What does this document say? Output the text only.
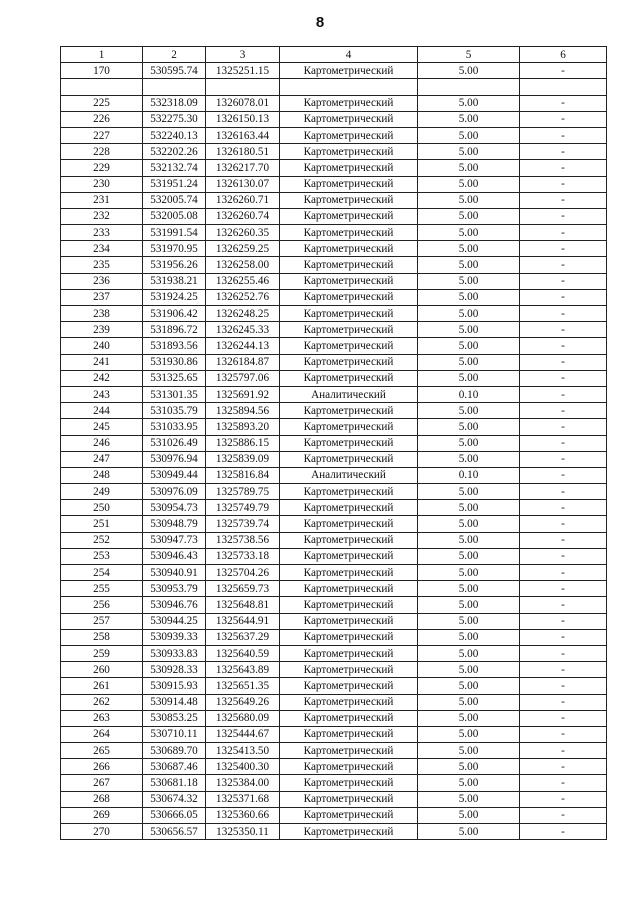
8
1	2	3	4	5	6
170	530595.74	1325251.15	Картометрический	5.00	-

225	532318.09	1326078.01	Картометрический	5.00	-
226	532275.30	1326150.13	Картометрический	5.00	-
227	532240.13	1326163.44	Картометрический	5.00	-
228	532202.26	1326180.51	Картометрический	5.00	-
229	532132.74	1326217.70	Картометрический	5.00	-
230	531951.24	1326130.07	Картометрический	5.00	-
231	532005.74	1326260.71	Картометрический	5.00	-
232	532005.08	1326260.74	Картометрический	5.00	-
233	531991.54	1326260.35	Картометрический	5.00	-
234	531970.95	1326259.25	Картометрический	5.00	-
235	531956.26	1326258.00	Картометрический	5.00	-
236	531938.21	1326255.46	Картометрический	5.00	-
237	531924.25	1326252.76	Картометрический	5.00	-
238	531906.42	1326248.25	Картометрический	5.00	-
239	531896.72	1326245.33	Картометрический	5.00	-
240	531893.56	1326244.13	Картометрический	5.00	-
241	531930.86	1326184.87	Картометрический	5.00	-
242	531325.65	1325797.06	Картометрический	5.00	-
243	531301.35	1325691.92	Аналитический	0.10	-
244	531035.79	1325894.56	Картометрический	5.00	-
245	531033.95	1325893.20	Картометрический	5.00	-
246	531026.49	1325886.15	Картометрический	5.00	-
247	530976.94	1325839.09	Картометрический	5.00	-
248	530949.44	1325816.84	Аналитический	0.10	-
249	530976.09	1325789.75	Картометрический	5.00	-
250	530954.73	1325749.79	Картометрический	5.00	-
251	530948.79	1325739.74	Картометрический	5.00	-
252	530947.73	1325738.56	Картометрический	5.00	-
253	530946.43	1325733.18	Картометрический	5.00	-
254	530940.91	1325704.26	Картометрический	5.00	-
255	530953.79	1325659.73	Картометрический	5.00	-
256	530946.76	1325648.81	Картометрический	5.00	-
257	530944.25	1325644.91	Картометрический	5.00	-
258	530939.33	1325637.29	Картометрический	5.00	-
259	530933.83	1325640.59	Картометрический	5.00	-
260	530928.33	1325643.89	Картометрический	5.00	-
261	530915.93	1325651.35	Картометрический	5.00	-
262	530914.48	1325649.26	Картометрический	5.00	-
263	530853.25	1325680.09	Картометрический	5.00	-
264	530710.11	1325444.67	Картометрический	5.00	-
265	530689.70	1325413.50	Картометрический	5.00	-
266	530687.46	1325400.30	Картометрический	5.00	-
267	530681.18	1325384.00	Картометрический	5.00	-
268	530674.32	1325371.68	Картометрический	5.00	-
269	530666.05	1325360.66	Картометрический	5.00	-
270	530656.57	1325350.11	Картометрический	5.00	-
